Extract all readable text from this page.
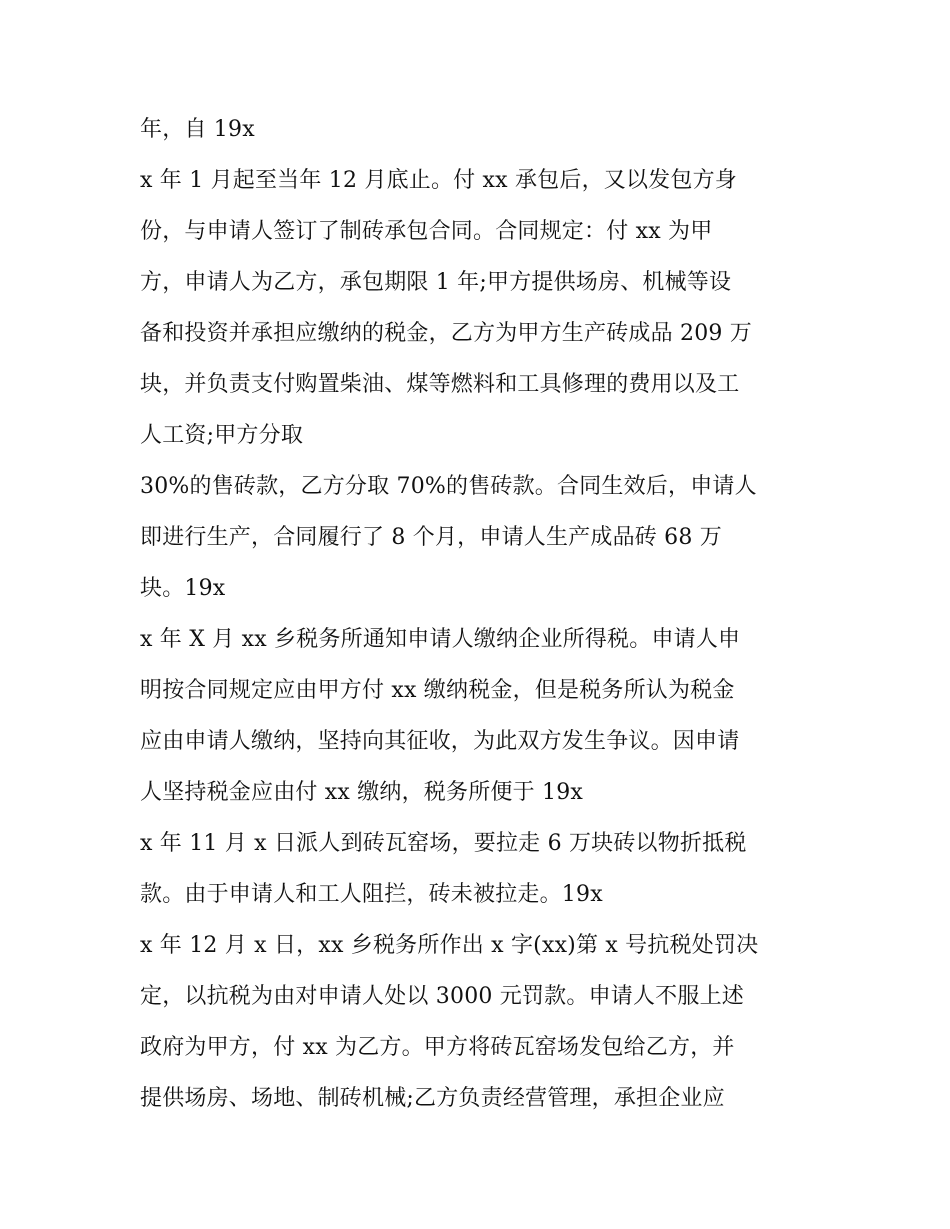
年，自 19x
x 年 1 月起至当年 12 月底止。付 xx 承包后，又以发包方身
份，与申请人签订了制砖承包合同。合同规定：付 xx 为甲
方，申请人为乙方，承包期限 1 年;甲方提供场房、机械等设
备和投资并承担应缴纳的税金，乙方为甲方生产砖成品 209 万
块，并负责支付购置柴油、煤等燃料和工具修理的费用以及工
人工资;甲方分取
30%的售砖款，乙方分取 70%的售砖款。合同生效后，申请人
即进行生产，合同履行了 8 个月，申请人生产成品砖 68 万
块。19x
x 年 X 月 xx 乡税务所通知申请人缴纳企业所得税。申请人申
明按合同规定应由甲方付 xx 缴纳税金，但是税务所认为税金
应由申请人缴纳，坚持向其征收，为此双方发生争议。因申请
人坚持税金应由付 xx 缴纳，税务所便于 19x
x 年 11 月 x 日派人到砖瓦窑场，要拉走 6 万块砖以物折抵税
款。由于申请人和工人阻拦，砖未被拉走。19x
x 年 12 月 x 日，xx 乡税务所作出 x 字(xx)第 x 号抗税处罚决
定，以抗税为由对申请人处以 3000 元罚款。申请人不服上述
政府为甲方，付 xx 为乙方。甲方将砖瓦窑场发包给乙方，并
提供场房、场地、制砖机械;乙方负责经营管理，承担企业应
